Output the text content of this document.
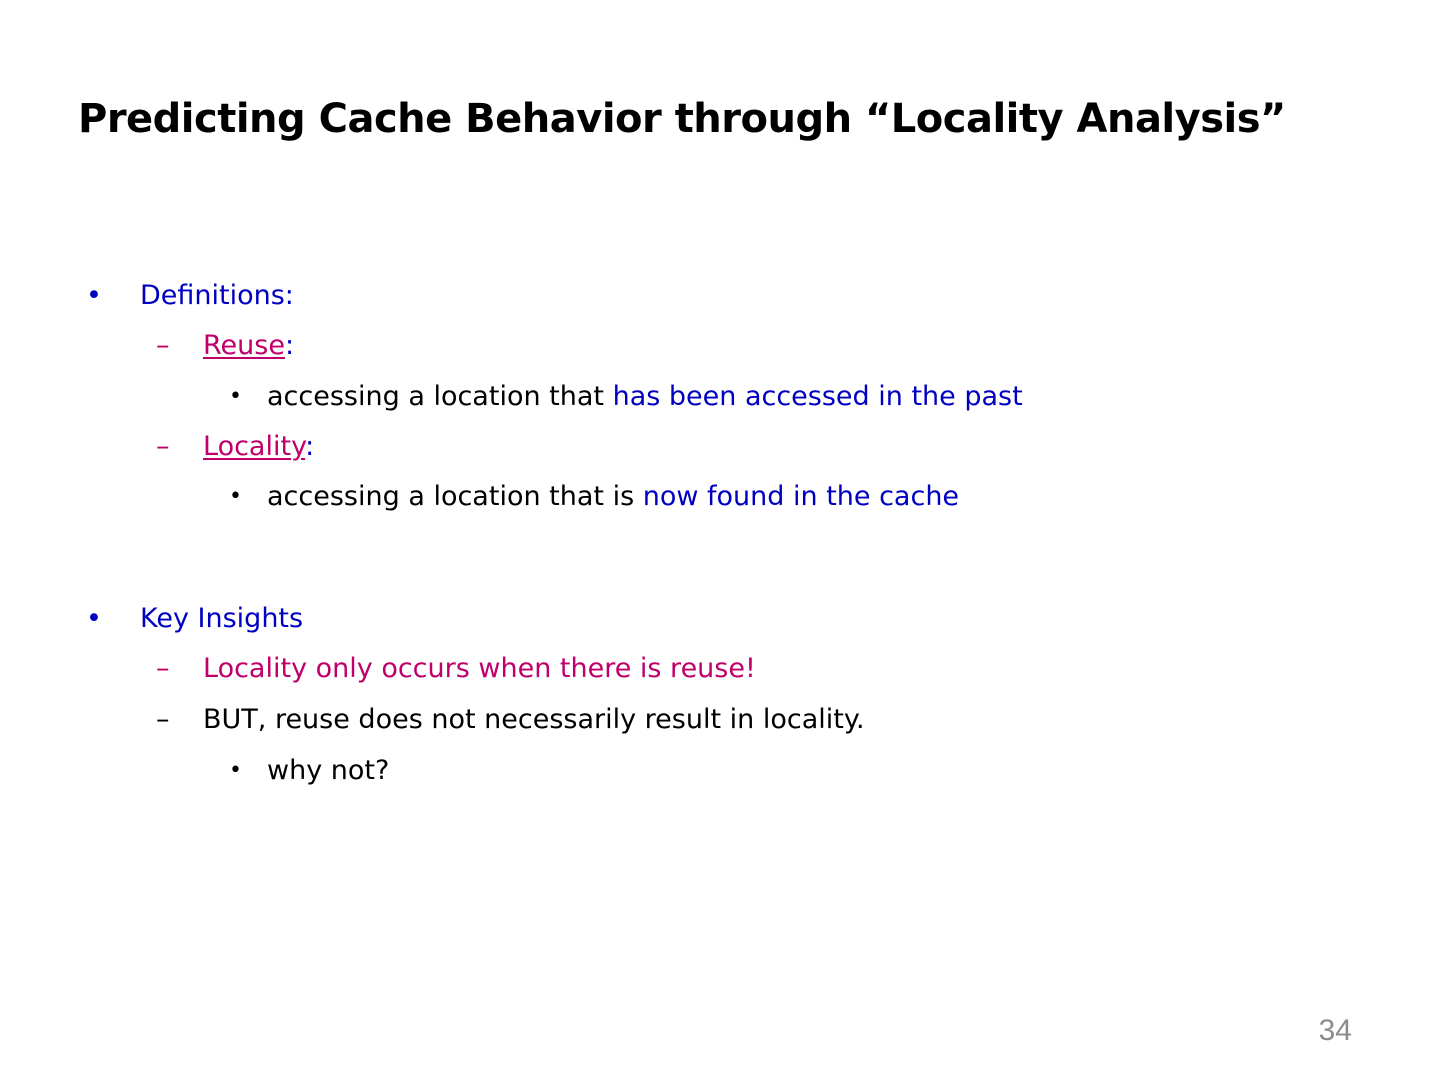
Predicting Cache Behavior through “Locality Analysis”
• Definitions:
– Reuse:
• accessing a location that has been accessed in the past
– Locality:
• accessing a location that is now found in the cache
• Key Insights
– Locality only occurs when there is reuse!
– BUT, reuse does not necessarily result in locality.
• why not?
34
